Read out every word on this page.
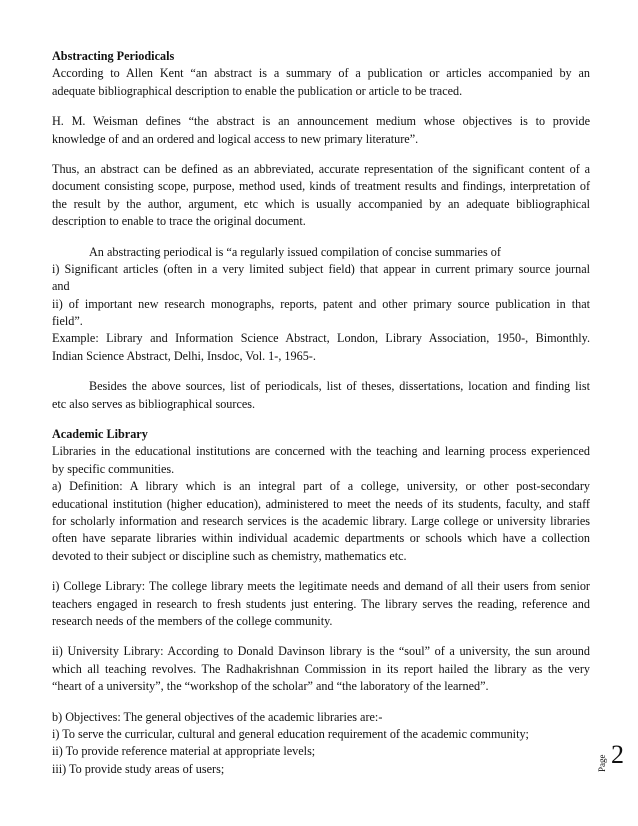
Abstracting Periodicals
According to Allen Kent “an abstract is a summary of a publication or articles accompanied by an
adequate bibliographical description to enable the publication or article to be traced.
H. M. Weisman defines “the abstract is an announcement medium whose objectives is to provide
knowledge of and an ordered and logical access to new primary literature”.
Thus, an abstract can be defined as an abbreviated, accurate representation of the significant content of a
document consisting scope, purpose, method used, kinds of treatment results and findings, interpretation of
the result by the author, argument, etc which is usually accompanied by an adequate bibliographical
description to enable to trace the original document.
An abstracting periodical is “a regularly issued compilation of concise summaries of
i) Significant articles (often in a very limited subject field) that appear in current primary source journal
and
ii) of important new research monographs, reports, patent and other primary source publication in that
field”.
Example: Library and Information Science Abstract, London, Library Association, 1950-, Bimonthly.
Indian Science Abstract, Delhi, Insdoc, Vol. 1-, 1965-.
Besides the above sources, list of periodicals, list of theses, dissertations, location and finding list
etc also serves as bibliographical sources.
Academic Library
Libraries in the educational institutions are concerned with the teaching and learning process experienced
by specific communities.
a) Definition: A library which is an integral part of a college, university, or other post-secondary
educational institution (higher education), administered to meet the needs of its students, faculty, and staff
for scholarly information and research services is the academic library. Large college or university libraries
often have separate libraries within individual academic departments or schools which have a collection
devoted to their subject or discipline such as chemistry, mathematics etc.
i) College Library: The college library meets the legitimate needs and demand of all their users from senior
teachers engaged in research to fresh students just entering. The library serves the reading, reference and
research needs of the members of the college community.
ii) University Library: According to Donald Davinson library is the “soul” of a university, the sun around
which all teaching revolves. The Radhakrishnan Commission in its report hailed the library as the very
“heart of a university”, the “workshop of the scholar” and “the laboratory of the learned”.
b) Objectives: The general objectives of the academic libraries are:-
i) To serve the curricular, cultural and general education requirement of the academic community;
ii) To provide reference material at appropriate levels;
iii) To provide study areas of users;	Page 2
